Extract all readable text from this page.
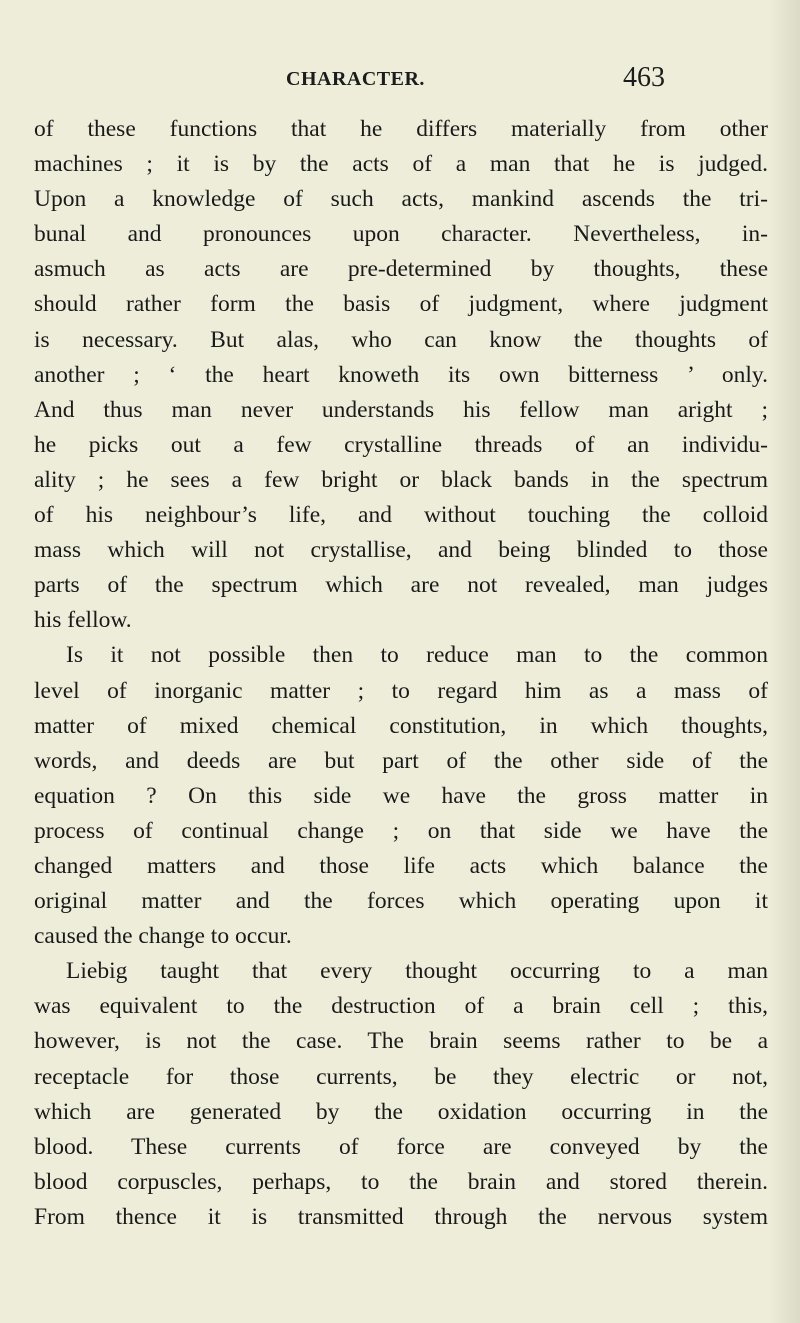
CHARACTER.	463
of these functions that he differs materially from other
machines ; it is by the acts of a man that he is judged.
Upon a knowledge of such acts, mankind ascends the tri-
bunal and pronounces upon character. Nevertheless, in-
asmuch as acts are pre-determined by thoughts, these
should rather form the basis of judgment, where judgment
is necessary. But alas, who can know the thoughts of
another ; ‘ the heart knoweth its own bitterness ’ only.
And thus man never understands his fellow man aright ;
he picks out a few crystalline threads of an individu-
ality ; he sees a few bright or black bands in the spectrum
of his neighbour’s life, and without touching the colloid
mass which will not crystallise, and being blinded to those
parts of the spectrum which are not revealed, man judges
his fellow.
Is it not possible then to reduce man to the common
level of inorganic matter ; to regard him as a mass of
matter of mixed chemical constitution, in which thoughts,
words, and deeds are but part of the other side of the
equation ? On this side we have the gross matter in
process of continual change ; on that side we have the
changed matters and those life acts which balance the
original matter and the forces which operating upon it
caused the change to occur.
Liebig taught that every thought occurring to a man
was equivalent to the destruction of a brain cell ; this,
however, is not the case. The brain seems rather to be a
receptacle for those currents, be they electric or not,
which are generated by the oxidation occurring in the
blood. These currents of force are conveyed by the
blood corpuscles, perhaps, to the brain and stored therein.
From thence it is transmitted through the nervous system
